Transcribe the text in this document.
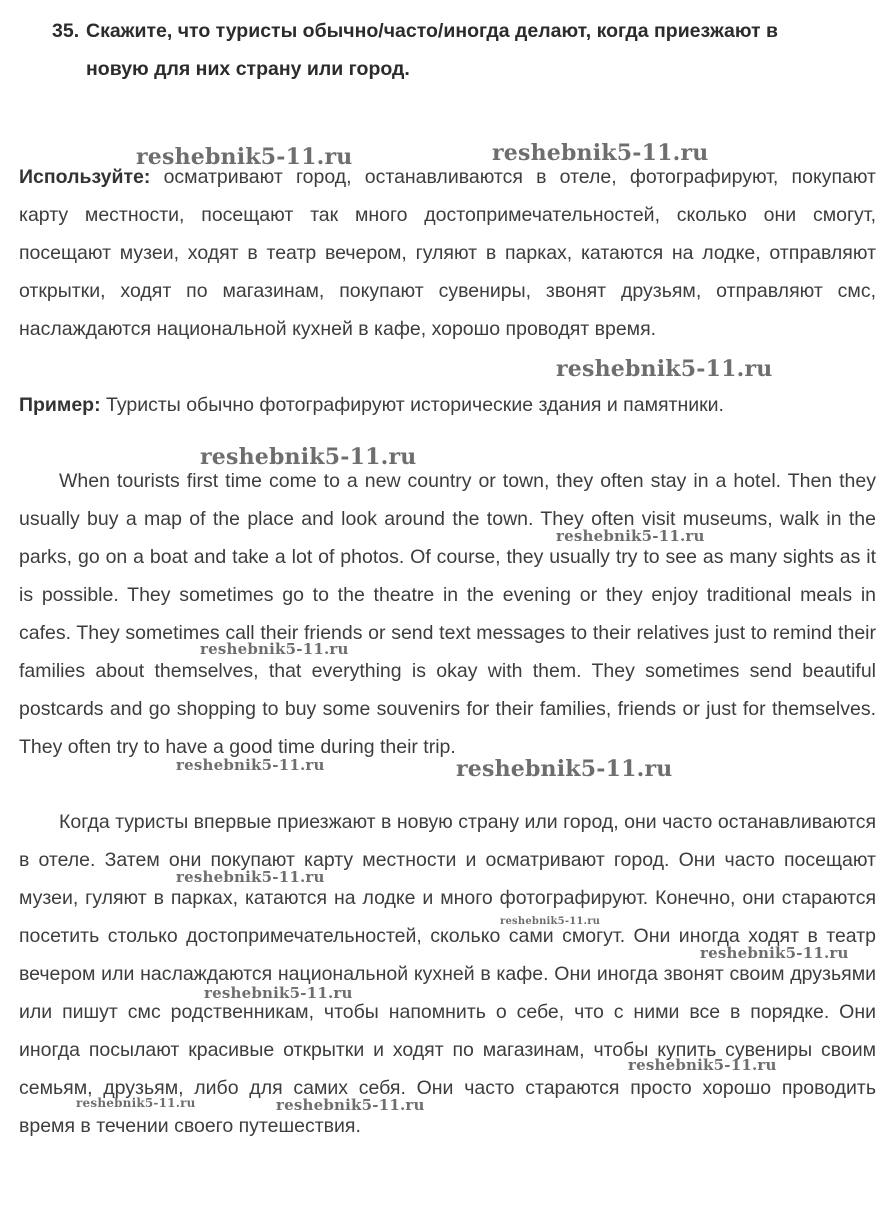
35. Скажите, что туристы обычно/часто/иногда делают, когда приезжают в
новую для них страну или город.
Используйте: осматривают город, останавливаются в отеле, фотографируют, покупают карту местности, посещают так много достопримечательностей, сколько они смогут, посещают музеи, ходят в театр вечером, гуляют в парках, катаются на лодке, отправляют открытки, ходят по магазинам, покупают сувениры, звонят друзьям, отправляют смс, наслаждаются национальной кухней в кафе, хорошо проводят время.
Пример: Туристы обычно фотографируют исторические здания и памятники.
When tourists first time come to a new country or town, they often stay in a hotel. Then they usually buy a map of the place and look around the town. They often visit museums, walk in the parks, go on a boat and take a lot of photos. Of course, they usually try to see as many sights as it is possible. They sometimes go to the theatre in the evening or they enjoy traditional meals in cafes. They sometimes call their friends or send text messages to their relatives just to remind their families about themselves, that everything is okay with them. They sometimes send beautiful postcards and go shopping to buy some souvenirs for their families, friends or just for themselves. They often try to have a good time during their trip.
Когда туристы впервые приезжают в новую страну или город, они часто останавливаются в отеле. Затем они покупают карту местности и осматривают город. Они часто посещают музеи, гуляют в парках, катаются на лодке и много фотографируют. Конечно, они стараются посетить столько достопримечательностей, сколько сами смогут. Они иногда ходят в театр вечером или наслаждаются национальной кухней в кафе. Они иногда звонят своим друзьями или пишут смс родственникам, чтобы напомнить о себе, что с ними все в порядке. Они иногда посылают красивые открытки и ходят по магазинам, чтобы купить сувениры своим семьям, друзьям, либо для самих себя. Они часто стараются просто хорошо проводить время в течении своего путешествия.
reshebnik5-11.ru	reshebnik5-11.ru
reshebnik5-11.ru
reshebnik5-11.ru
reshebnik5-11.ru
reshebnik5-11.ru
reshebnik5-11.ru	reshebnik5-11.ru
reshebnik5-11.ru
reshebnik5-11.ru
reshebnik5-11.ru
reshebnik5-11.ru
reshebnik5-11.ru
reshebnik5-11.ru	reshebnik5-11.ru
